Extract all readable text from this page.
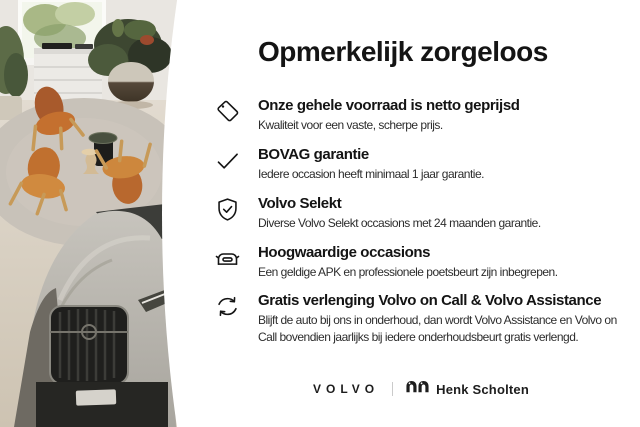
Opmerkelijk zorgeloos
Onze gehele voorraad is netto geprijsd

Kwaliteit voor een vaste, scherpe prijs.

BOVAG garantie

Iedere occasion heeft minimaal 1 jaar garantie.

Volvo Selekt

Diverse Volvo Selekt occasions met 24 maanden garantie.

Hoogwaardige occasions

Een geldige APK en professionele poetsbeurt zijn inbegrepen.

Gratis verlenging Volvo on Call & Volvo Assistance

Blijft de auto bij ons in onderhoud, dan wordt Volvo Assistance en Volvo on Call bovendien jaarlijks bij iedere onderhoudsbeurt gratis verlengd.

VOLVO	Henk Scholten
